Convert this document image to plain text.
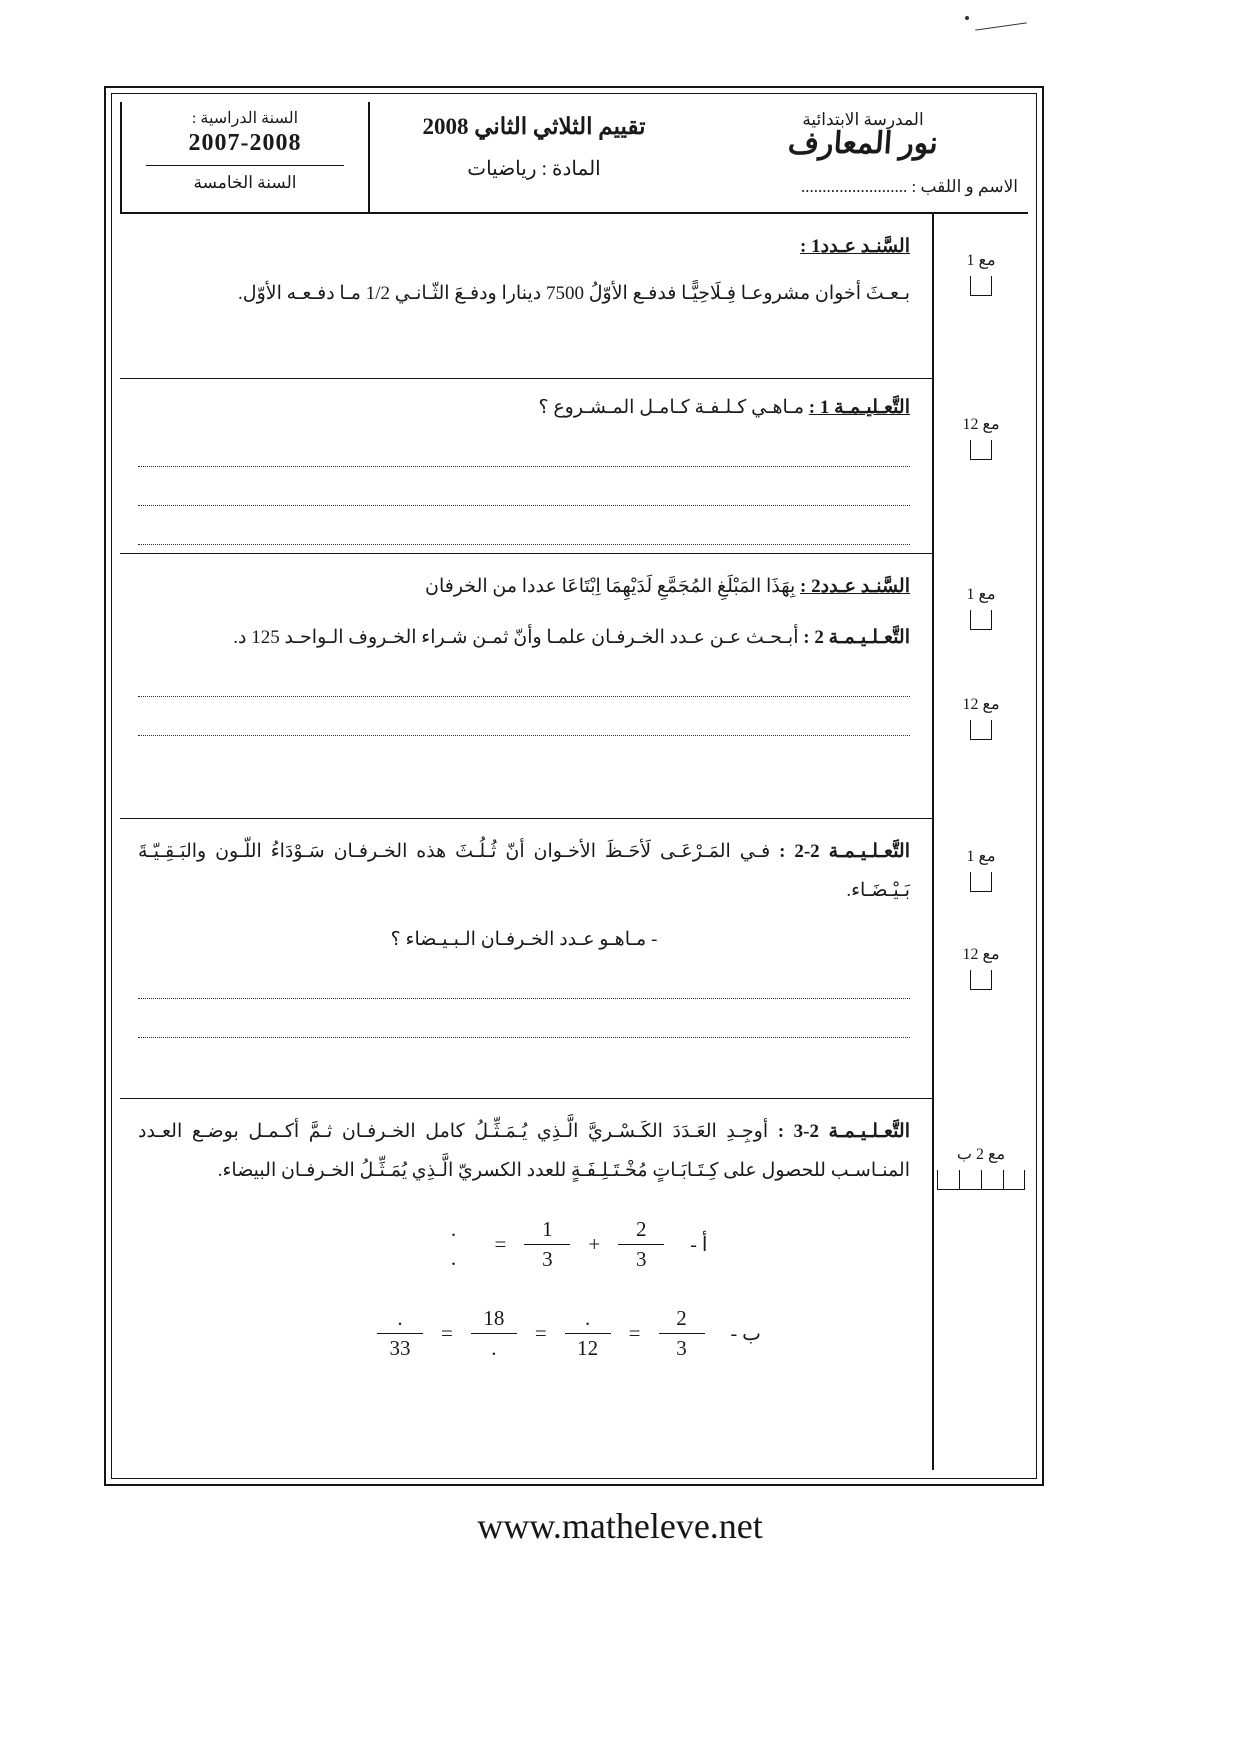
المدرسة الابتدائية
نور المعارف
الاسم و اللقب : .........................
تقييم الثلاثي الثاني 2008
المادة : رياضيات
السنة الدراسية :
2007-2008
السنة الخامسة
مع 1
مع 12
مع 1
مع 12
مع 1
مع 12
مع 2 ب
السَّنـد عـدد1 :
بـعـثَ أخوان مشروعـا فِـلَاحِيًّـا فدفـع الأوّلُ 7500 دينارا ودفـعَ الثّـانـي 1/2 مـا دفـعـه الأوّل.
التَّعـليـمـة 1 : مـاهـي كـلـفـة كـامـل المـشـروع ؟
السَّنـد عـدد2 : بِهَذَا المَبْلَغِ المُجَمَّعِ لَدَيْهِمَا اِبْتَاعَا عددا من الخرفان
التَّعـلـيـمـة 2 : أبـحـث عـن عـدد الخـرفـان علمـا وأنّ ثمـن شـراء الخـروف الـواحـد 125 د.
التَّعـلـيـمـة 2-2 : فـي المَـرْعَـى لَأحَـظَ الأخـوان أنّ ثُـلُـثَ هذه الخـرفـان سَـوْدَاءُ اللّـون والبَـقِـيّـةَ بَـيْـضَـاء.
- مـاهـو عـدد الخـرفـان الـبـيـضاء ؟
التَّعـلـيـمـة 2-3 : أوجِـدِ العَـدَدَ الكَـسْـريَّ الَّـذِي يُـمَـثِّـلُ كامل الخـرفـان ثـمَّ أكـمـل بوضـع العـدد المنـاسـب للحصول على كِـتَـابَـاتٍ مُخْـتَـلِـفَـةٍ للعدد الكسريّ الَّـذِي يُمَـثِّـلُ الخـرفـان البيضاء.
أ -
$\frac{2}{3}$
+
$\frac{1}{3}$
=
.
.
ب -
$\frac{2}{3}$
=
$\frac{.}{12}$
=
$\frac{18}{.}$
=
$\frac{.}{33}$
www.matheleve.net
